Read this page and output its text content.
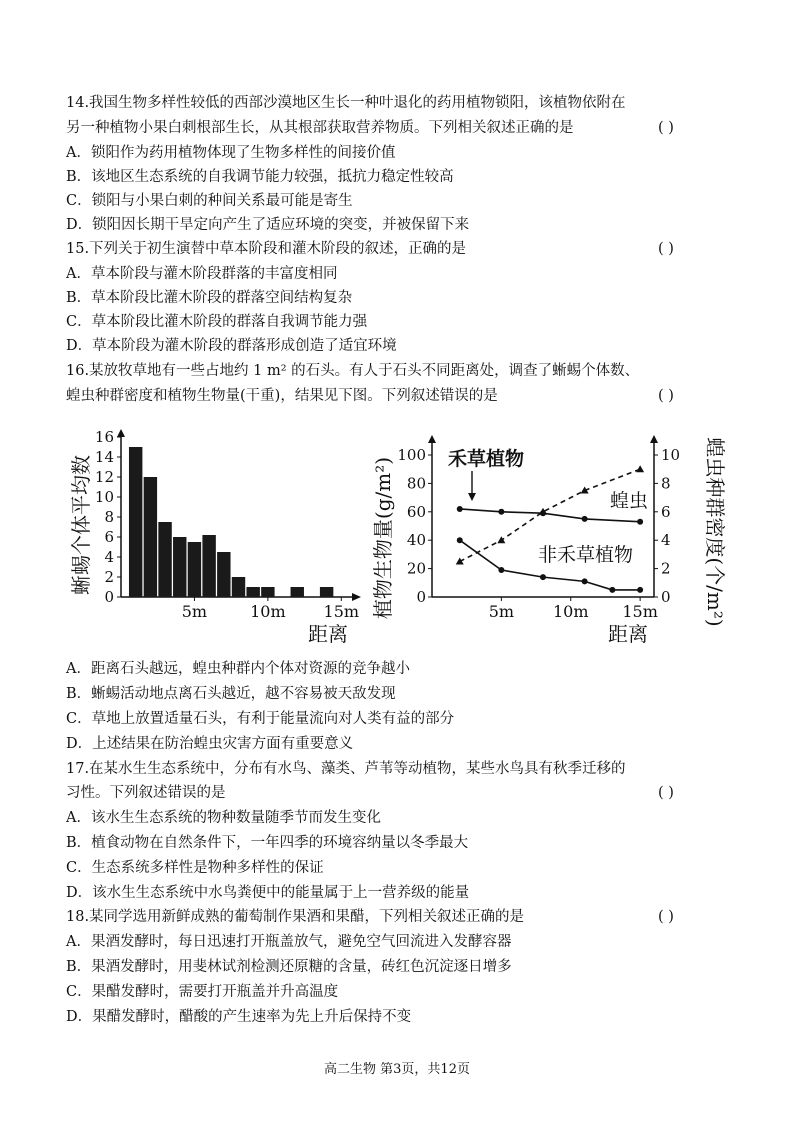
14.我国生物多样性较低的西部沙漠地区生长一种叶退化的药用植物锁阳，该植物依附在
另一种植物小果白刺根部生长，从其根部获取营养物质。下列相关叙述正确的是	( )
A．锁阳作为药用植物体现了生物多样性的间接价值
B．该地区生态系统的自我调节能力较强，抵抗力稳定性较高
C．锁阳与小果白刺的种间关系最可能是寄生
D．锁阳因长期干旱定向产生了适应环境的突变，并被保留下来
15.下列关于初生演替中草本阶段和灌木阶段的叙述，正确的是	( )
A．草本阶段与灌木阶段群落的丰富度相同
B．草本阶段比灌木阶段的群落空间结构复杂
C．草本阶段比灌木阶段的群落自我调节能力强
D．草本阶段为灌木阶段的群落形成创造了适宜环境
16.某放牧草地有一些占地约 1 m² 的石头。有人于石头不同距离处，调查了蜥蜴个体数、
蝗虫种群密度和植物生物量(干重)，结果见下图。下列叙述错误的是	( )
0
2
4
6
8
10
12
14
16
5m	10m 15m
蜥蜴个体平均数
距离
0
20
40
60
80
100
0
2
4
6
8
10
5m 10m 15m
禾草植物
蝗虫
非禾草植物
植物生物量(g/m²)	蝗虫种群密度(个/m²)
距离
A．距离石头越远，蝗虫种群内个体对资源的竞争越小
B．蜥蜴活动地点离石头越近，越不容易被天敌发现
C．草地上放置适量石头，有利于能量流向对人类有益的部分
D．上述结果在防治蝗虫灾害方面有重要意义
17.在某水生生态系统中，分布有水鸟、藻类、芦苇等动植物，某些水鸟具有秋季迁移的
习性。下列叙述错误的是	( )
A．该水生生态系统的物种数量随季节而发生变化
B．植食动物在自然条件下，一年四季的环境容纳量以冬季最大
C．生态系统多样性是物种多样性的保证
D．该水生生态系统中水鸟粪便中的能量属于上一营养级的能量
18.某同学选用新鲜成熟的葡萄制作果酒和果醋，下列相关叙述正确的是	( )
A．果酒发酵时，每日迅速打开瓶盖放气，避免空气回流进入发酵容器
B．果酒发酵时，用斐林试剂检测还原糖的含量，砖红色沉淀逐日增多
C．果醋发酵时，需要打开瓶盖并升高温度
D．果醋发酵时，醋酸的产生速率为先上升后保持不变
高二生物 第3页，共12页
